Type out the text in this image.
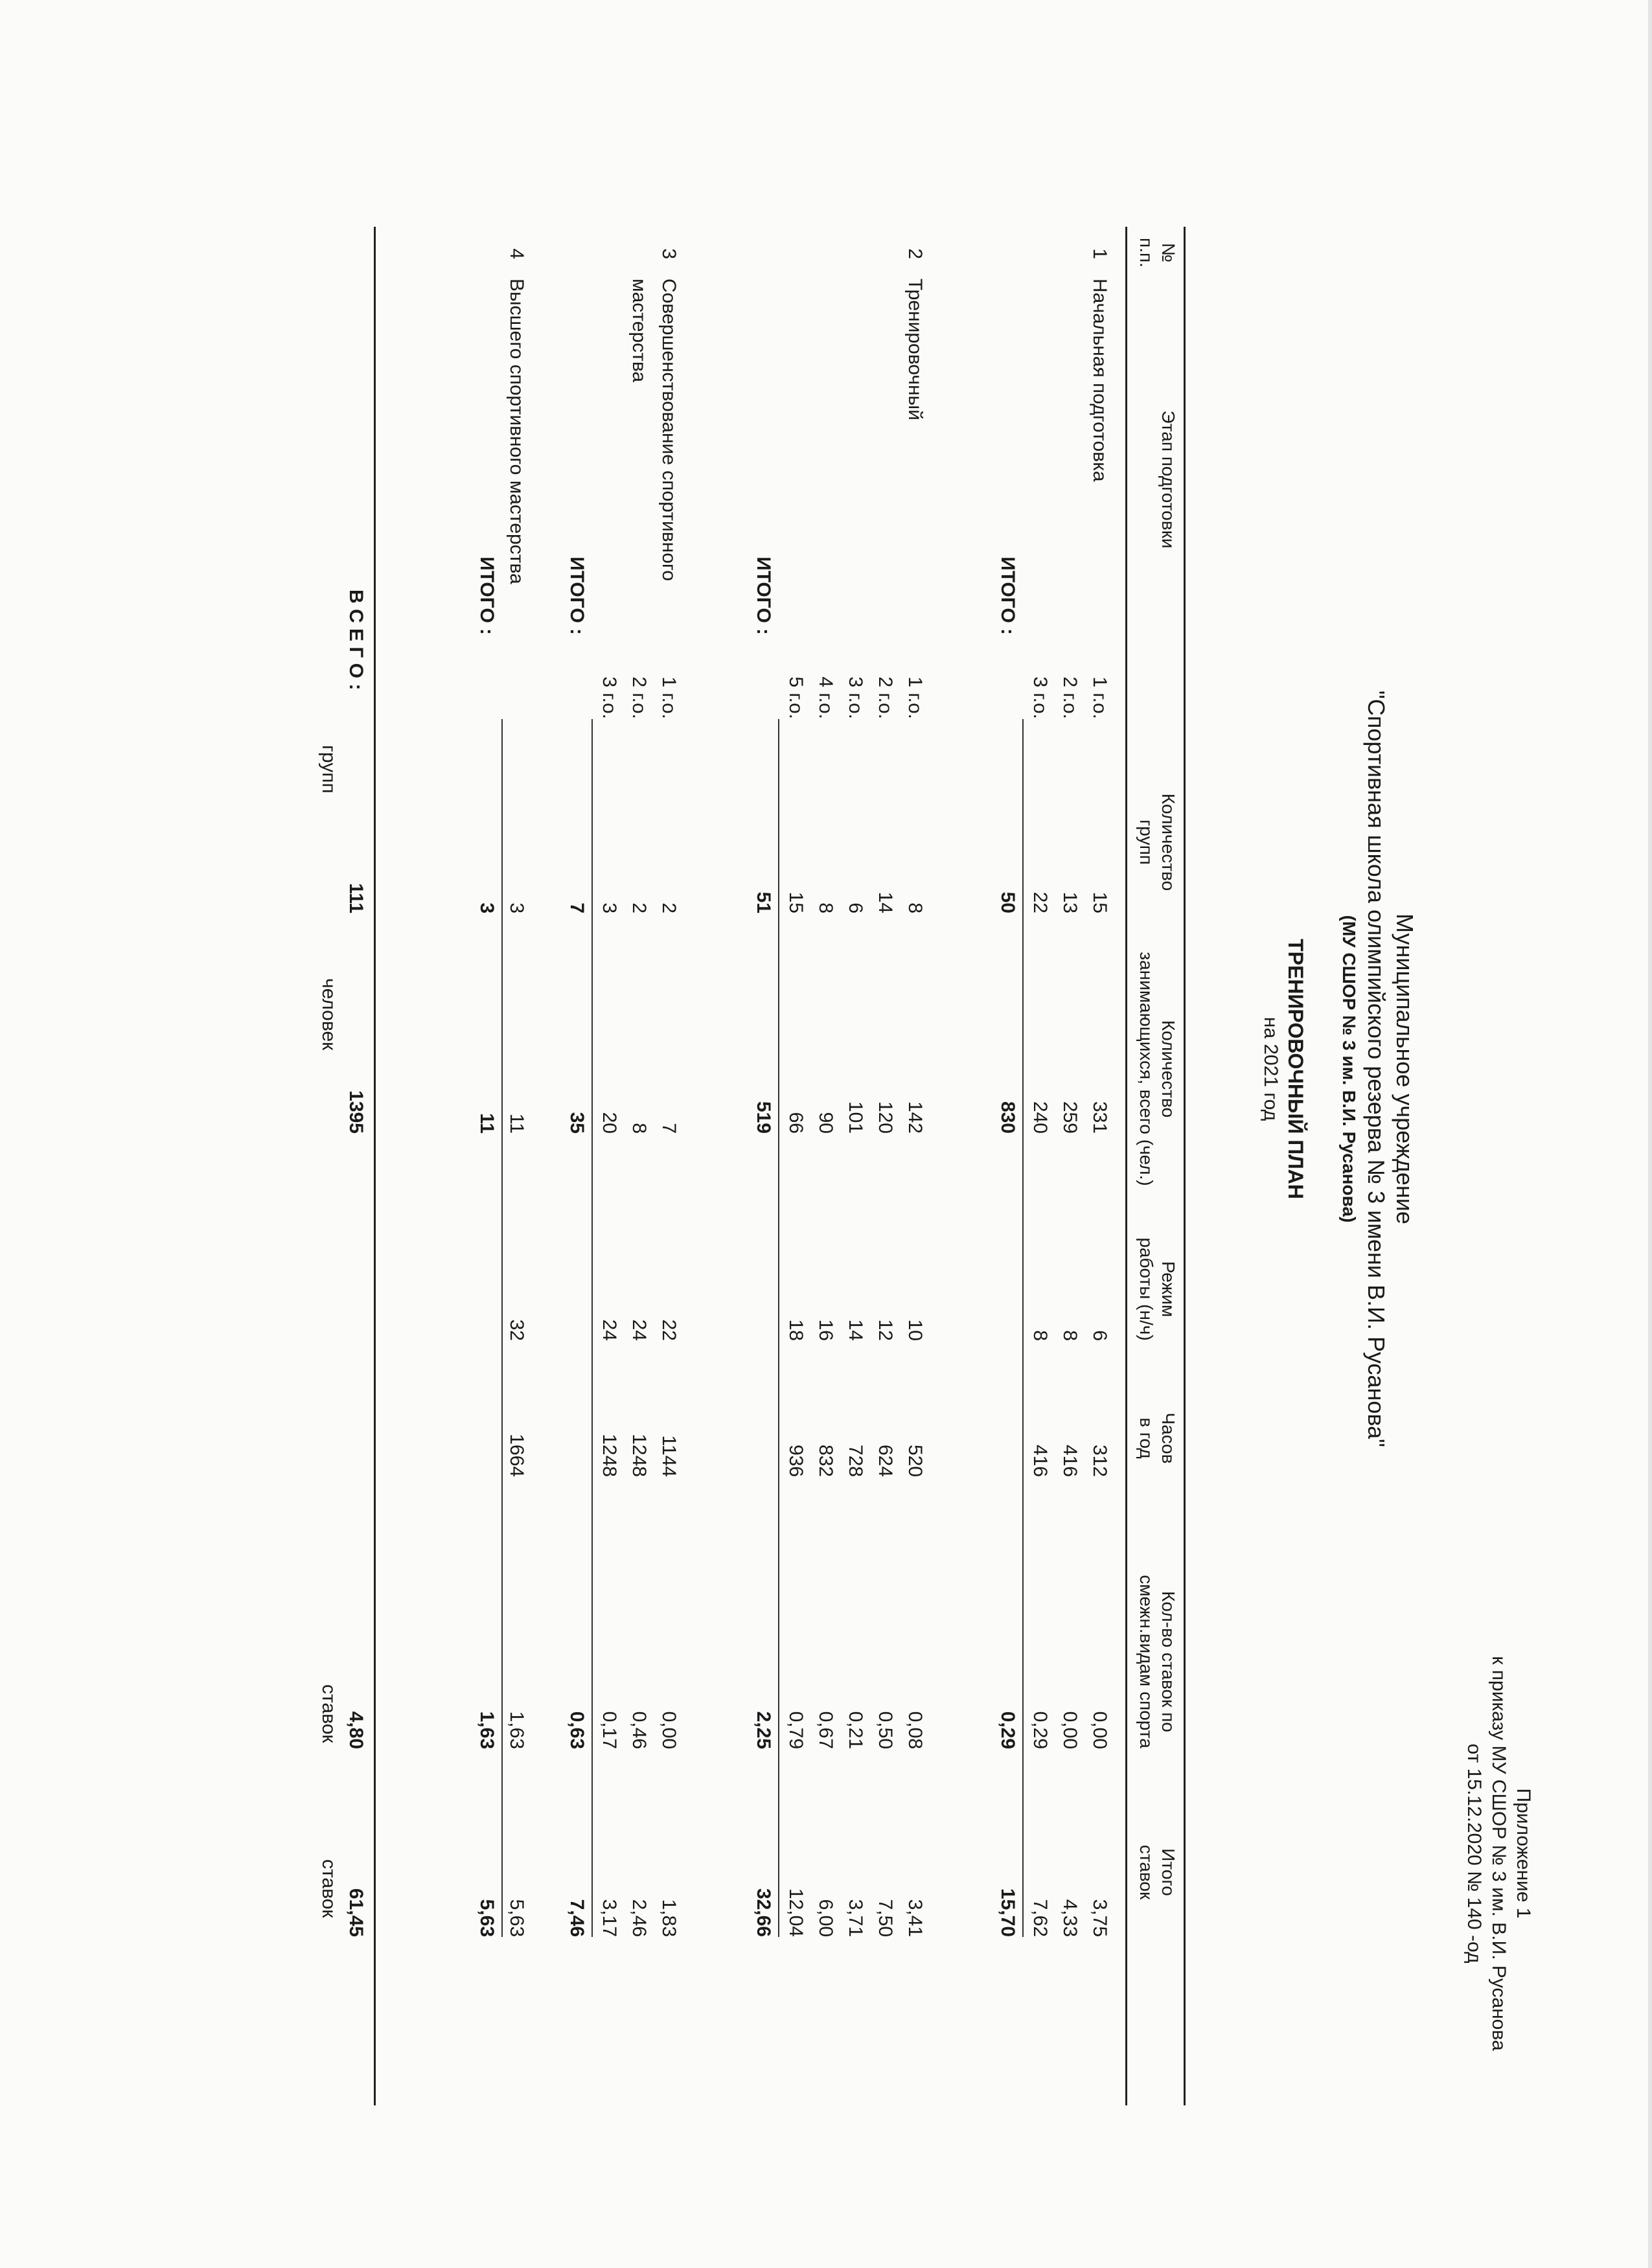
Приложение 1
к приказу МУ СШОР № 3 им. В.И. Русанова
от 15.12.2020 № 140 -од
Муниципальное учреждение
"Спортивная школа олимпийского резерва № 3 имени В.И. Русанова"
(МУ СШОР № 3 им. В.И. Русанова)
ТРЕНИРОВОЧНЫЙ ПЛАН
на 2021 год
№
п.п.
Этап подготовки
Количество
групп
Количество
занимающихся, всего (чел.)
Режим
работы (н/ч)
Часов
в год
Кол-во ставок по
смежн.видам спорта
Итого
ставок
1
Начальная подготовка
1 г.о.
15
331
6
312
0,00
3,75
2 г.о.
13
259
8
416
0,00
4,33
3 г.о.
22
240
8
416
0,29
7,62
ИТОГО :
50
830
0,29
15,70
2
Тренировочный
1 г.о.
8
142
10
520
0,08
3,41
2 г.о.
14
120
12
624
0,50
7,50
3 г.о.
6
101
14
728
0,21
3,71
4 г.о.
8
90
16
832
0,67
6,00
5 г.о.
15
66
18
936
0,79
12,04
ИТОГО :
51
519
2,25
32,66
3
Совершенствование спортивного
мастерства
1 г.о.
2
7
22
1144
0,00
1,83
2 г.о.
2
8
24
1248
0,46
2,46
3 г.о.
3
20
24
1248
0,17
3,17
ИТОГО :
7
35
0,63
7,46
4
Высшего спортивного мастерства
3
11
32
1664
1,63
5,63
ИТОГО :
3
11
1,63
5,63
В С Е Г О :
111
групп
1395
человек
4,80
ставок
61,45
ставок
